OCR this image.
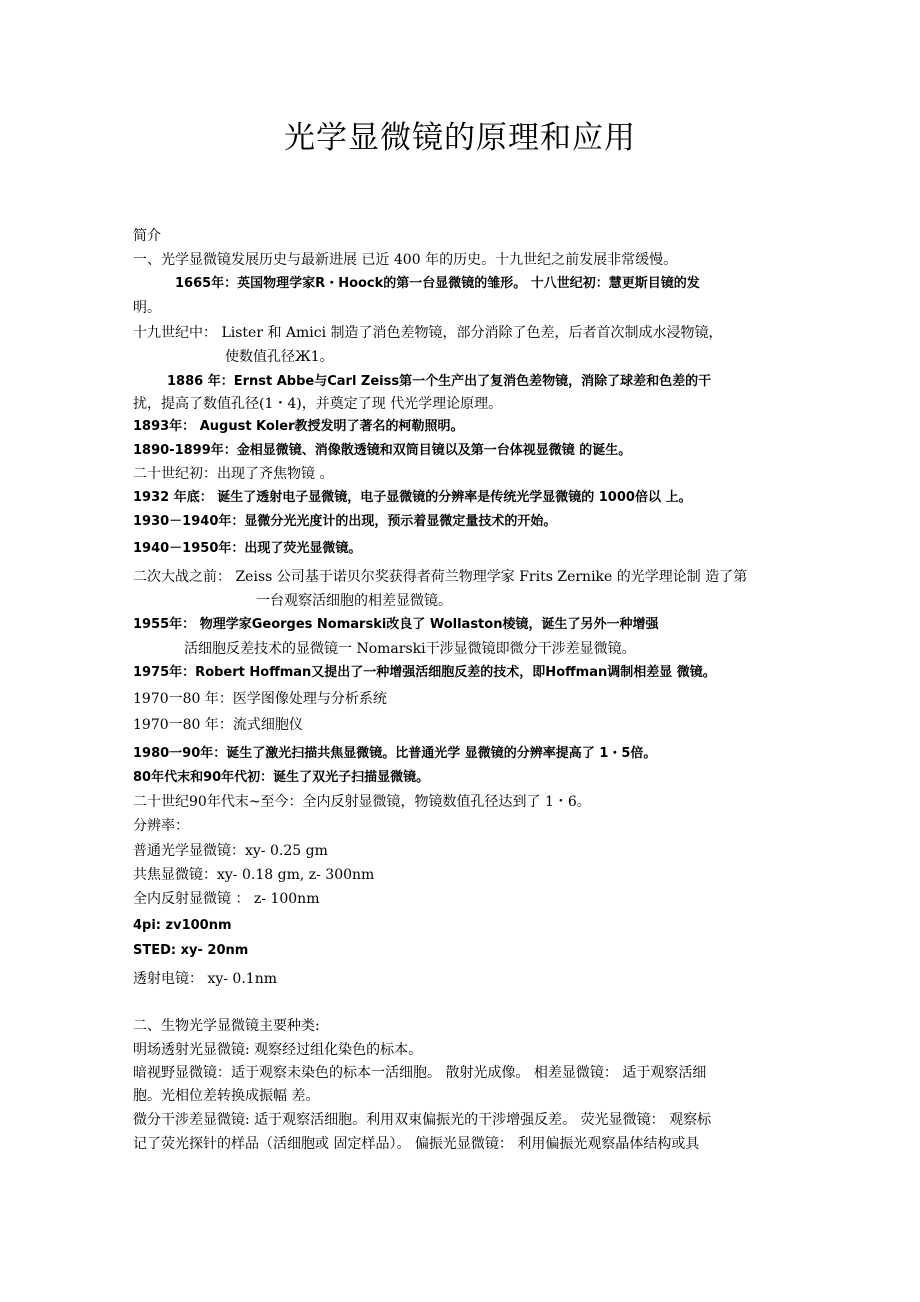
光学显微镜的原理和应用
简介
一、光学显微镜发展历史与最新进展 已近 400 年的历史。十九世纪之前发展非常缓慢。
1665年：英国物理学家R・Hoock的第一台显微镜的雏形。 十八世纪初：慧更斯目镜的发
明。
十九世纪中： Lister 和 Amici 制造了消色差物镜，部分消除了色差，后者首次制成水浸物镜，
使数值孔径Ж1。
1886 年：Ernst Abbe与Carl Zeiss第一个生产出了复消色差物镜，消除了球差和色差的干
扰，提高了数值孔径(1・4)，并奠定了现 代光学理论原理。
1893年： August Koler教授发明了著名的柯勒照明。
1890-1899年：金相显微镜、消像散透镜和双筒目镜以及第一台体视显微镜 的诞生。
二十世纪初：出现了齐焦物镜 。
1932 年底： 诞生了透射电子显微镜，电子显微镜的分辨率是传统光学显微镜的 1000倍以 上。
1930－1940年：显微分光光度计的出现，预示着显微定量技术的开始。
1940－1950年：出现了荧光显微镜。
二次大战之前： Zeiss 公司基于诺贝尔奖获得者荷兰物理学家 Frits Zernike 的光学理论制 造了第
一台观察活细胞的相差显微镜。
1955年： 物理学家Georges Nomarski改良了 Wollaston棱镜，诞生了另外一种增强
活细胞反差技术的显微镜一 Nomarski干涉显微镜即微分干涉差显微镜。
1975年：Robert Hoffman又提出了一种增强活细胞反差的技术，即Hoffman调制相差显 微镜。
1970一80 年：医学图像处理与分析系统
1970一80 年：流式细胞仪
1980一90年：诞生了激光扫描共焦显微镜。比普通光学 显微镜的分辨率提高了 1・5倍。
80年代末和90年代初：诞生了双光子扫描显微镜。
二十世纪90年代末~至今：全内反射显微镜，物镜数值孔径达到了 1・6。
分辨率：
普通光学显微镜：xy- 0.25 gm
共焦显微镜：xy- 0.18 gm, z- 300nm
全内反射显微镜 ： z- 100nm
4pi: zv100nm
STED: xy- 20nm
透射电镜： xy- 0.1nm
二、生物光学显微镜主要种类:
明场透射光显微镜: 观察经过组化染色的标本。
暗视野显微镜：适于观察未染色的标本一活细胞。 散射光成像。 相差显微镜： 适于观察活细
胞。光相位差转换成振幅 差。
微分干涉差显微镜: 适于观察活细胞。利用双束偏振光的干涉增强反差。 荧光显微镜： 观察标
记了荧光探针的样品（活细胞或 固定样品）。 偏振光显微镜： 利用偏振光观察晶体结构或具
